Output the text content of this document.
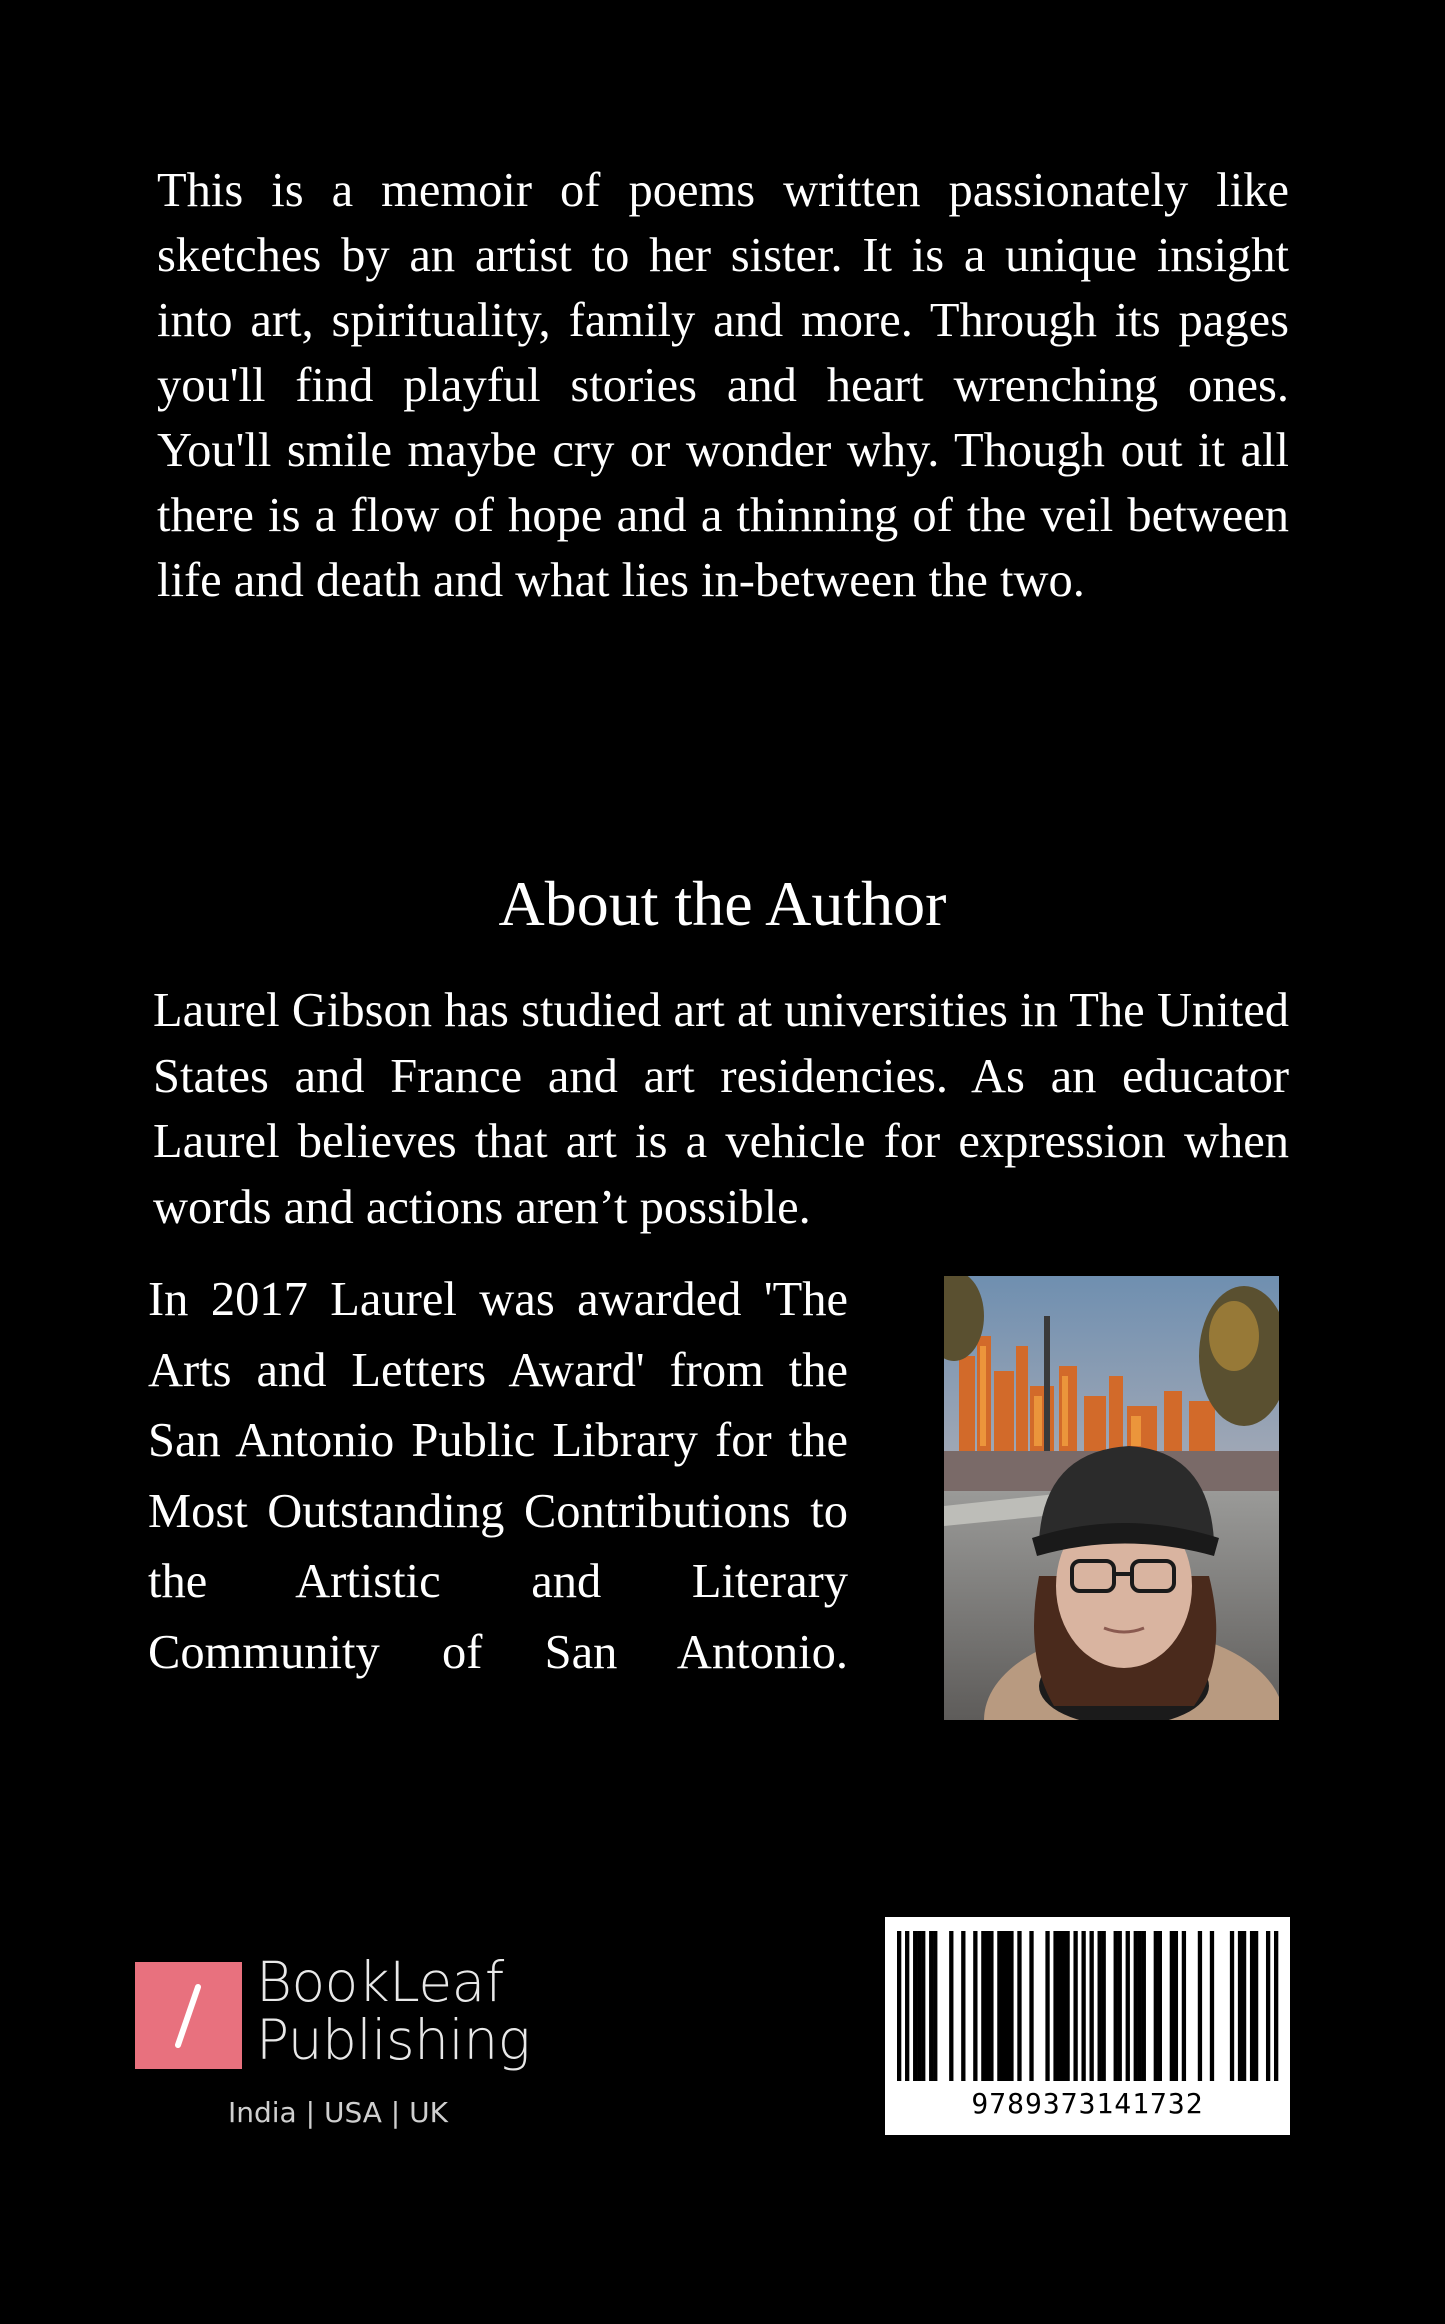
This is a memoir of poems written passionately like sketches by an artist to her sister. It is a unique insight into art, spirituality, family and more. Through its pages you'll find playful stories and heart wrenching ones. You'll smile maybe cry or wonder why. Though out it all there is a flow of hope and a thinning of the veil between life and death and what lies in-between the two.

About the Author

Laurel Gibson has studied art at universities in The United States and France and art residencies. As an educator Laurel believes that art is a vehicle for expression when words and actions aren’t possible.

In 2017 Laurel was awarded 'The Arts and Letters Award' from the San Antonio Public Library for the Most Outstanding Contributions to the Artistic and Literary Community of San Antonio.

BookLeaf
Publishing
India | USA | UK	9789373141732
